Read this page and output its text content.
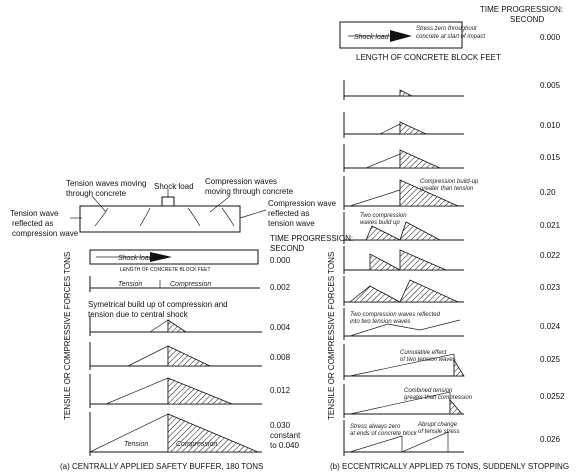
Tension waves moving through concrete
Shock load
Compression waves moving through concrete
Tension wave reflected as compression wave
Compression wave reflected as tension wave
TIME PROGRESSION: SECOND
TENSILE OR COMPRESSIVE FORCES TONS	Shock load
LENGTH OF CONCRETE BLOCK FEET
0.000
Tension	Compression	0.002
Symetrical build up of compression and tension due to central shock
0.004
0.008
0.012
Tension	Compression
0.030 constant to 0.040
(a) CENTRALLY APPLIED SAFETY BUFFER, 180 TONS
TIME PROGRESSION: SECOND
Shock load
Stress zero throughout concrete at start of impact	0.000
LENGTH OF CONCRETE BLOCK FEET
TENSILE OR COMPRESSIVE FORCES TONS
0.005
0.010
0.015
Compression build-up greater than tension	0.20
Two compression waves build up	0.021
0.022
0.023
Two compression waves reflected into two tension waves	0.024
Cumulative effect of two tension waves	0.025
Combined tension greater than compression	0.0252
Stress always zero at ends of concrete block
Abrupt change of tensile stress
0.026
(b) ECCENTRICALLY APPLIED 75 TONS, SUDDENLY STOPPING
